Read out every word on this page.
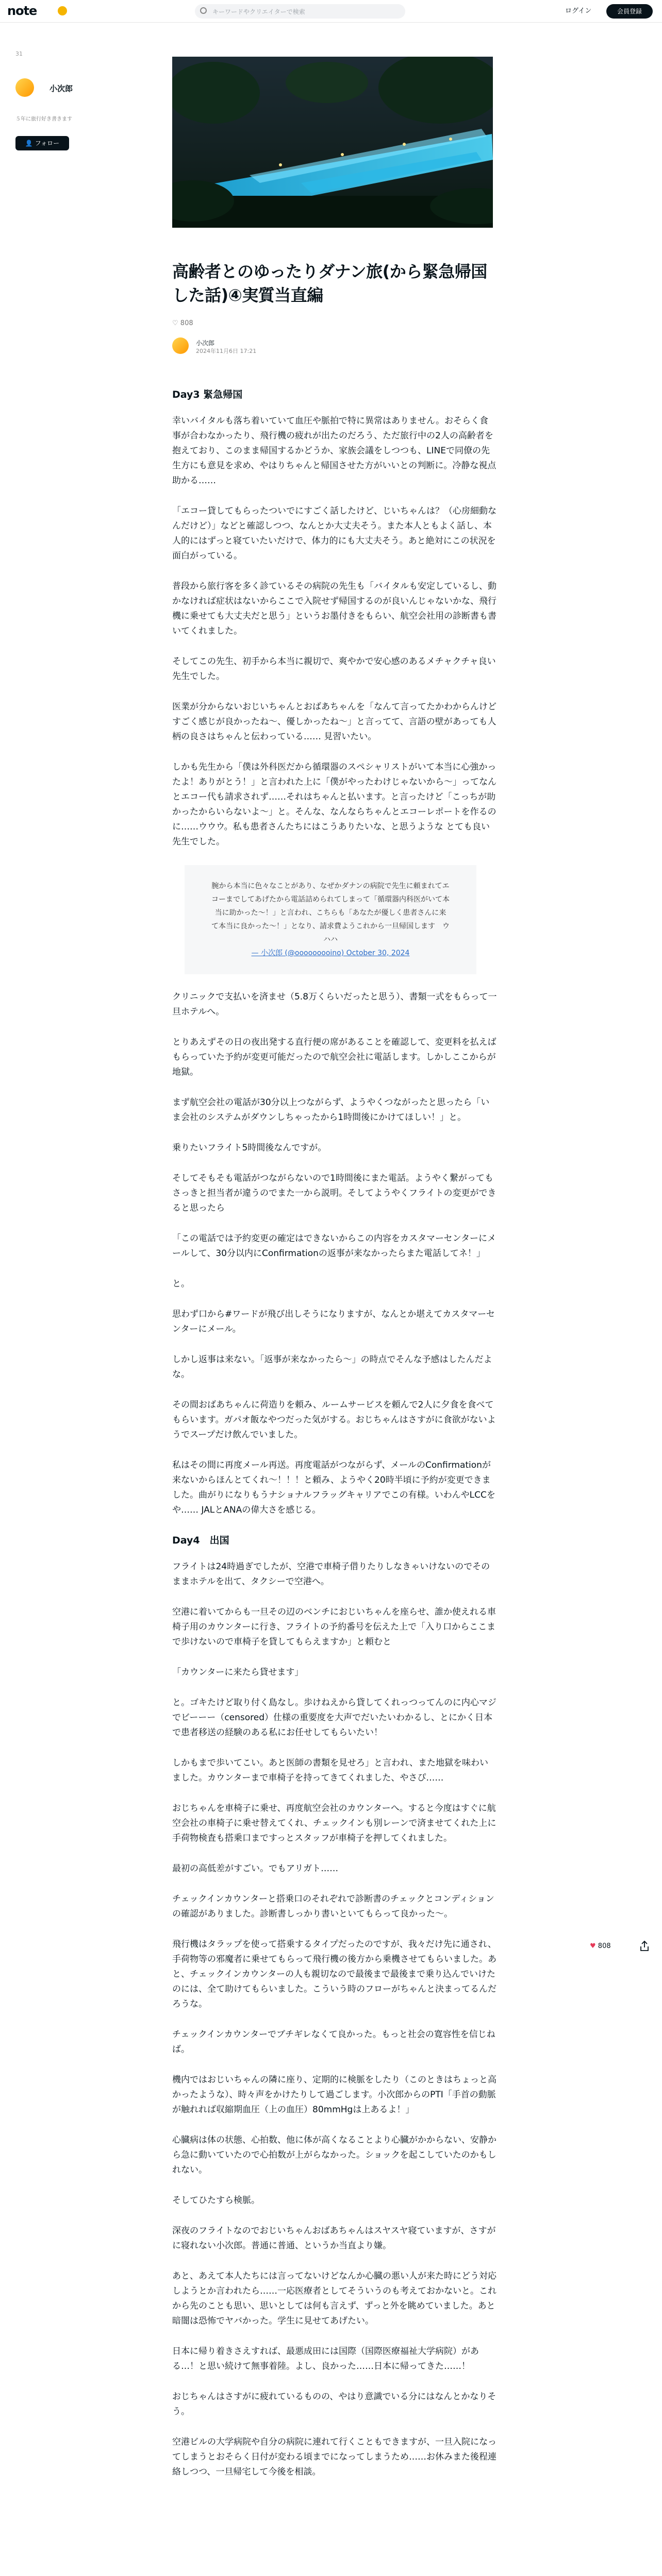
note	キーワードやクリエイターで検索	ログイン	会員登録
31
小次郎
５年に旅行好き書きます
👤 フォロー
高齢者とのゆったりダナン旅(から緊急帰国した話)④実質当直編
♡ 808
小次郎
2024年11月6日 17:21
Day3 緊急帰国

幸いバイタルも落ち着いていて血圧や脈拍で特に異常はありません。おそらく食事が合わなかったり、飛行機の疲れが出たのだろう、ただ旅行中の2人の高齢者を抱えており、このまま帰国するかどうか、家族会議をしつつも、LINEで同僚の先生方にも意見を求め、やはりちゃんと帰国させた方がいいとの判断に。冷静な視点助かる……

「エコー貸してもらったついでにすごく話したけど、じいちゃんは？（心房細動なんだけど）」などと確認しつつ、なんとか大丈夫そう。また本人ともよく話し、本人的にはずっと寝ていたいだけで、体力的にも大丈夫そう。あと絶対にこの状況を面白がっている。

普段から旅行客を多く診ているその病院の先生も「バイタルも安定しているし、動かなければ症状はないからここで入院せず帰国するのが良いんじゃないかな、飛行機に乗せても大丈夫だと思う」というお墨付きをもらい、航空会社用の診断書も書いてくれました。

そしてこの先生、初手から本当に親切で、爽やかで安心感のあるメチャクチャ良い先生でした。

医業が分からないおじいちゃんとおばあちゃんを「なんて言ってたかわからんけどすごく感じが良かったね〜、優しかったね〜」と言ってて、言語の壁があっても人柄の良さはちゃんと伝わっている…… 見習いたい。

しかも先生から「僕は外科医だから循環器のスペシャリストがいて本当に心強かったよ！ありがとう！」と言われた上に「僕がやったわけじゃないから〜」ってなんとエコー代も請求されず……それはちゃんと払います。と言ったけど「こっちが助かったからいらないよ〜」と。そんな、なんならちゃんとエコーレポートを作るのに……ウウウ。私も患者さんたちにはこうありたいな、と思うような とても良い先生でした。

腕から本当に色々なことがあり、なぜかダナンの病院で先生に頼まれてエコーまでしてあげたから電話詰められてしまって「循環器内科医がいて本当に助かった〜！」と言われ、こちらも「あなたが優しく患者さんに来て本当に良かった〜！」となり、請求費ようこれから一旦帰国します　ウハハ
— 小次郎 (@ooooooooino) October 30, 2024

クリニックで支払いを済ませ（5.8万くらいだったと思う）、書類一式をもらって一旦ホテルへ。

とりあえずその日の夜出発する直行便の席があることを確認して、変更料を払えばもらっていた予約が変更可能だったので航空会社に電話します。しかしここからが地獄。

まず航空会社の電話が30分以上つながらず、ようやくつながったと思ったら「いま会社のシステムがダウンしちゃったから1時間後にかけてほしい！」と。

乗りたいフライト5時間後なんですが。

そしてそもそも電話がつながらないので1時間後にまた電話。ようやく繋がってもさっきと担当者が違うのでまた一から説明。そしてようやくフライトの変更ができると思ったら

「この電話では予約変更の確定はできないからこの内容をカスタマーセンターにメールして、30分以内にConfirmationの返事が来なかったらまた電話してネ！」

と。

思わず口から#ワードが飛び出しそうになりますが、なんとか堪えてカスタマーセンターにメール。

しかし返事は来ない。「返事が来なかったら〜」の時点でそんな予感はしたんだよな。

その間おばあちゃんに荷造りを頼み、ルームサービスを頼んで2人に夕食を食べてもらいます。ガパオ飯なやつだった気がする。おじちゃんはさすがに食欲がないようでスープだけ飲んでいました。

私はその間に再度メール再送。再度電話がつながらず、メールのConfirmationが来ないからほんとてくれ〜！！！と頼み、ようやく20時半頃に予約が変更できました。曲がりになりもうナショナルフラッグキャリアでこの有様。いわんやLCCをや…… JALとANAの偉大さを感じる。

Day4　出国

フライトは24時過ぎでしたが、空港で車椅子借りたりしなきゃいけないのでそのままホテルを出て、タクシーで空港へ。

空港に着いてからも一旦その辺のベンチにおじいちゃんを座らせ、誰か使えれる車椅子用のカウンターに行き、フライトの予約番号を伝えた上で「入り口からここまで歩けないので車椅子を貸してもらえますか」と頼むと

「カウンターに来たら貸せます」

と。ゴキたけど取り付く島なし。歩けねえから貸してくれっつってんのに内心マジでビーーー（censored）仕様の重要度を大声でだいたいわかるし、とにかく日本で患者移送の経験のある私にお任せしてもらいたい！

しかもまで歩いてこい。あと医師の書類を見せろ」と言われ、また地獄を味わいました。カウンターまで車椅子を持ってきてくれました、やさぴ……

おじちゃんを車椅子に乗せ、再度航空会社のカウンターへ。すると今度はすぐに航空会社の車椅子に乗せ替えてくれ、チェックインも別レーンで済ませてくれた上に手荷物検査も搭乗口まですっとスタッフが車椅子を押してくれました。

最初の高低差がすごい。でもアリガト……

チェックインカウンターと搭乗口のそれぞれで診断書のチェックとコンディションの確認がありました。診断書しっかり書いといてもらって良かった〜。

飛行機はタラップを使って搭乗するタイプだったのですが、我々だけ先に通され、手荷物等の邪魔者に乗せてもらって飛行機の後方から乗機させてもらいました。あと、チェックインカウンターの人も親切なので最後まで最後まで乗り込んでいけたのには、全て助けてもらいました。こういう時のフローがちゃんと決まってるんだろうな。

チェックインカウンターでブチギレなくて良かった。もっと社会の寛容性を信じねば。

機内ではおじいちゃんの隣に座り、定期的に検脈をしたり（このときはちょっと高かったような）、時々声をかけたりして過ごします。小次郎からのPTI「手首の動脈が触れれば収縮期血圧（上の血圧）80mmHgは上あるよ！」

心臓病は体の状態、心拍数、他に体が高くなることより心臓がかからない、安静から急に動いていたので心拍数が上がらなかった。ショックを起こしていたのかもしれない。

そしてひたすら検脈。

深夜のフライトなのでおじいちゃんおばあちゃんはスヤスヤ寝ていますが、さすがに寝れない小次郎。普通に普通、というか当直より嫌。

あと、あえて本人たちには言ってないけどなんか心臓の悪い人が来た時にどう対応しようとか言われたら……一応医療者としてそういうのも考えておかないと。これから先のことも思い、思いとしては何も言えず、ずっと外を眺めていました。あと暗闇は恐怖でヤバかった。学生に見せてあげたい。

日本に帰り着きさえすれば、最悪成田には国際（国際医療福祉大学病院）がある…！と思い続けて無事着陸。よし、良かった……日本に帰ってきた……！

おじちゃんはさすがに疲れているものの、やはり意識でいる分にはなんとかなりそう。

空港ビルの大学病院や自分の病院に連れて行くこともできますが、一旦入院になってしまうとおそらく日付が変わる頃までになってしまうため……お休みまた後程連絡しつつ、一旦帰宅して今後を相談。

♥ 808
